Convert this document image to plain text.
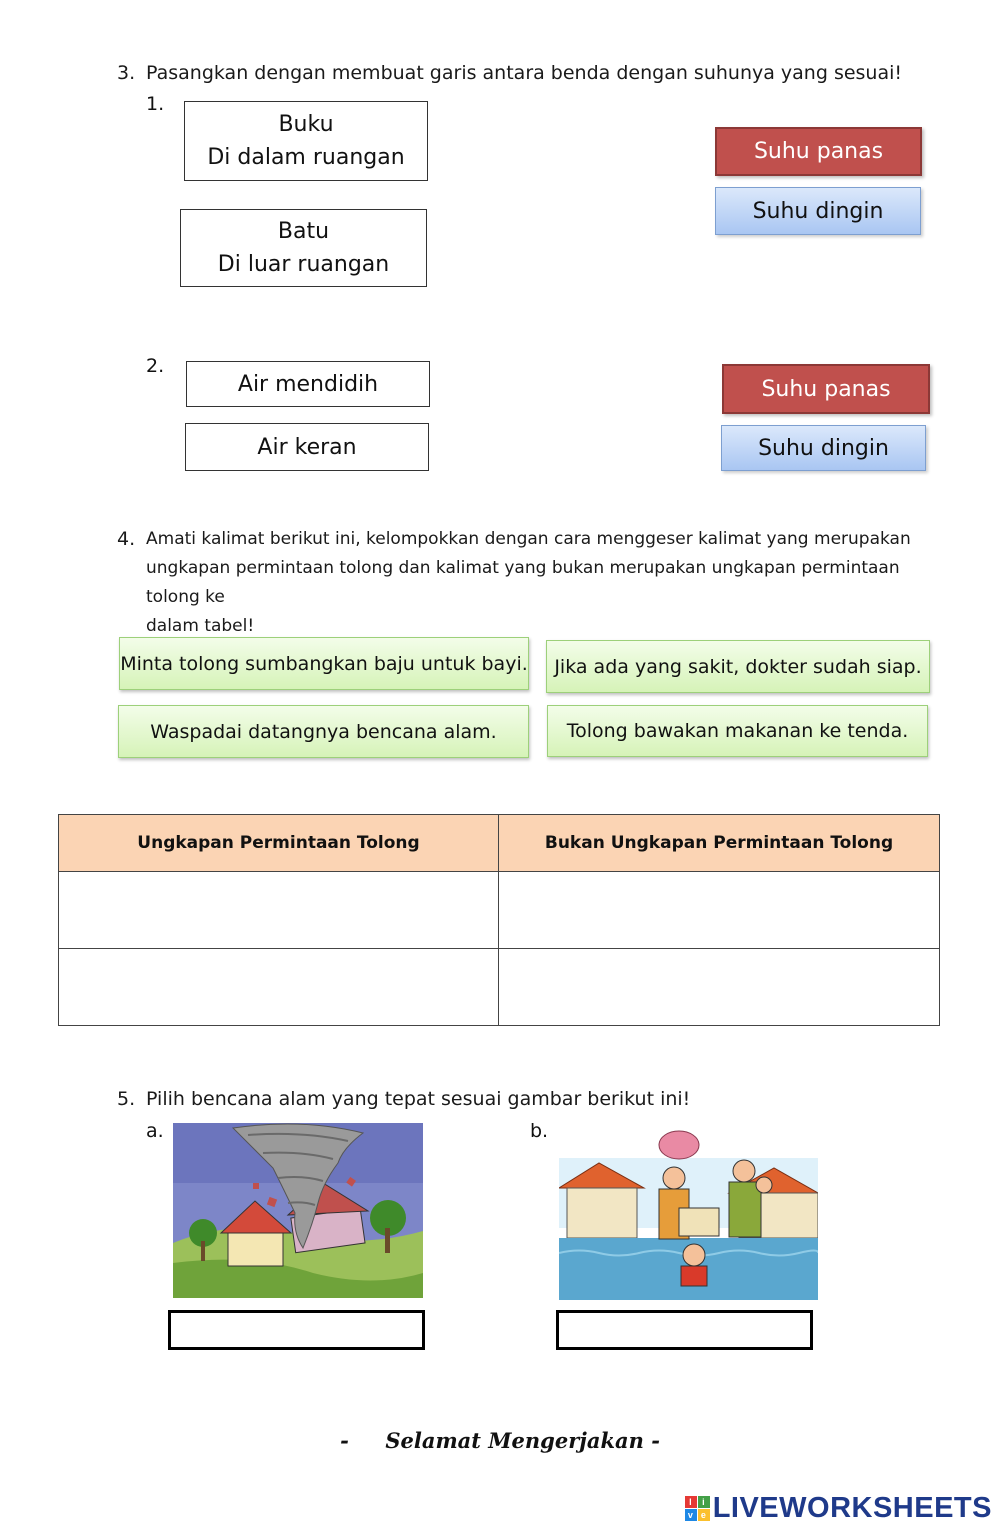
3. Pasangkan dengan membuat garis antara benda dengan suhunya yang sesuai!
1.
Buku
Di dalam ruangan
Batu
Di luar ruangan
Suhu panas
Suhu dingin
2.
Air mendidih
Air keran
Suhu panas
Suhu dingin
4. Amati kalimat berikut ini, kelompokkan dengan cara menggeser kalimat yang merupakan
ungkapan permintaan tolong dan kalimat yang bukan merupakan ungkapan permintaan tolong ke
dalam tabel!
Minta tolong sumbangkan baju untuk bayi.	Jika ada yang sakit, dokter sudah siap.
Waspadai datangnya bencana alam.	Tolong bawakan makanan ke tenda.
Ungkapan Permintaan Tolong	Bukan Ungkapan Permintaan Tolong

5. Pilih bencana alam yang tepat sesuai gambar berikut ini!
a.	b.
- Selamat Mengerjakan -
l	i
v e LIVEWORKSHEETS
